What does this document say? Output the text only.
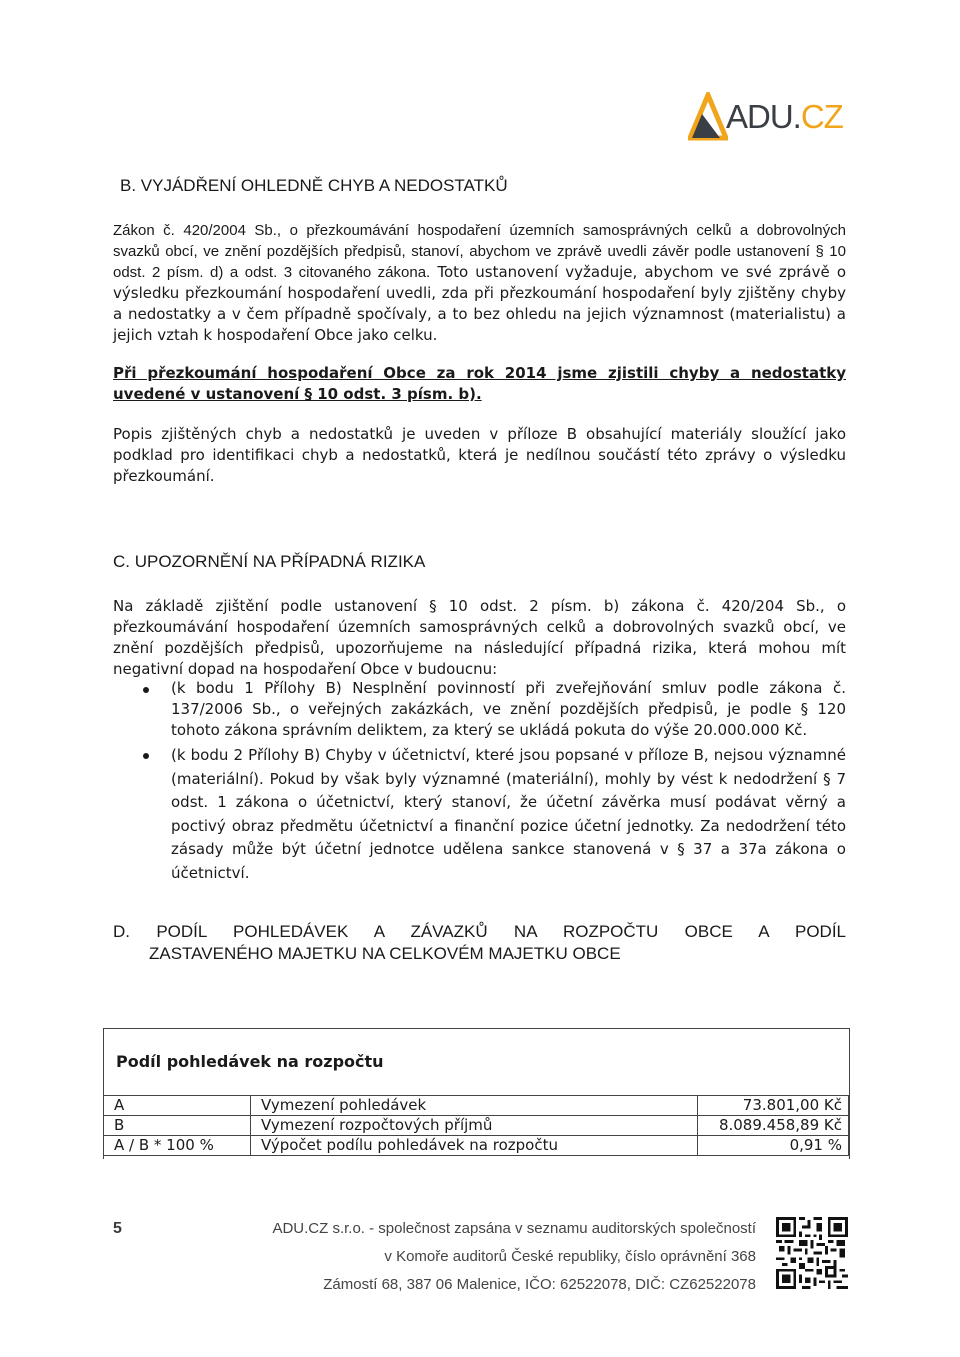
ADU.CZ
B. VYJÁDŘENÍ OHLEDNĚ CHYB A NEDOSTATKŮ

Zákon č. 420/2004 Sb., o přezkoumávání hospodaření územních samosprávných celků a dobrovolných svazků obcí, ve znění pozdějších předpisů, stanoví, abychom ve zprávě uvedli závěr podle ustanovení § 10 odst. 2 písm. d) a odst. 3 citovaného zákona. Toto ustanovení vyžaduje, abychom ve své zprávě o výsledku přezkoumání hospodaření uvedli, zda při přezkoumání hospodaření byly zjištěny chyby a nedostatky a v čem případně spočívaly, a to bez ohledu na jejich významnost (materialistu) a jejich vztah k hospodaření Obce jako celku.

Při přezkoumání hospodaření Obce za rok 2014 jsme zjistili chyby a nedostatky uvedené v ustanovení § 10 odst. 3 písm. b).
Popis zjištěných chyb a nedostatků je uveden v příloze B obsahující materiály sloužící jako podklad pro identifikaci chyb a nedostatků, která je nedílnou součástí této zprávy o výsledku přezkoumání.
C. UPOZORNĚNÍ NA PŘÍPADNÁ RIZIKA
Na základě zjištění podle ustanovení § 10 odst. 2 písm. b) zákona č. 420/204 Sb., o přezkoumávání hospodaření územních samosprávných celků a dobrovolných svazků obcí, ve znění pozdějších předpisů, upozorňujeme na následující případná rizika, která mohou mít negativní dopad na hospodaření Obce v budoucnu:
(k bodu 1 Přílohy B) Nesplnění povinností při zveřejňování smluv podle zákona č. 137/2006 Sb., o veřejných zakázkách, ve znění pozdějších předpisů, je podle § 120 tohoto zákona správním deliktem, za který se ukládá pokuta do výše 20.000.000 Kč.
(k bodu 2 Přílohy B) Chyby v účetnictví, které jsou popsané v příloze B, nejsou významné (materiální). Pokud by však byly významné (materiální), mohly by vést k nedodržení § 7 odst. 1 zákona o účetnictví, který stanoví, že účetní závěrka musí podávat věrný a poctivý obraz předmětu účetnictví a finanční pozice účetní jednotky. Za nedodržení této zásady může být účetní jednotce udělena sankce stanovená v § 37 a 37a zákona o účetnictví.
D. PODÍL POHLEDÁVEK A ZÁVAZKŮ NA ROZPOČTU OBCE A PODÍL
ZASTAVENÉHO MAJETKU NA CELKOVÉM MAJETKU OBCE
Podíl pohledávek na rozpočtu
A	Vymezení pohledávek	73.801,00 Kč
B	Vymezení rozpočtových příjmů	8.089.458,89 Kč
A / B * 100 %	Výpočet podílu pohledávek na rozpočtu	0,91 %
5	ADU.CZ s.r.o. - společnost zapsána v seznamu auditorských společností
v Komoře auditorů České republiky, číslo oprávnění 368
Zámostí 68, 387 06 Malenice, IČO: 62522078, DIČ: CZ62522078
